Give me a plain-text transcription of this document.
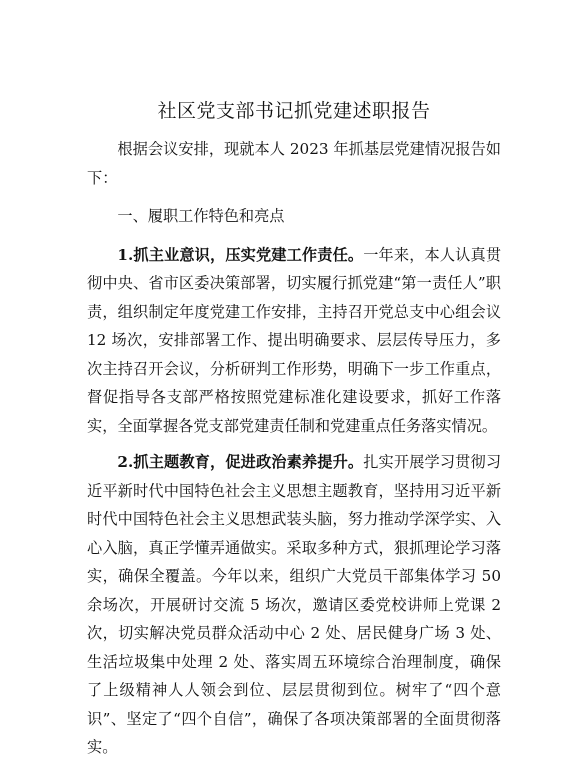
社区党支部书记抓党建述职报告

根据会议安排，现就本人 2023 年抓基层党建情况报告如下：

一、履职工作特色和亮点

1.抓主业意识，压实党建工作责任。一年来，本人认真贯彻中央、省市区委决策部署，切实履行抓党建“第一责任人”职责，组织制定年度党建工作安排，主持召开党总支中心组会议 12 场次，安排部署工作、提出明确要求、层层传导压力，多次主持召开会议，分析研判工作形势，明确下一步工作重点，督促指导各支部严格按照党建标准化建设要求，抓好工作落实，全面掌握各党支部党建责任制和党建重点任务落实情况。

2.抓主题教育，促进政治素养提升。扎实开展学习贯彻习近平新时代中国特色社会主义思想主题教育，坚持用习近平新时代中国特色社会主义思想武装头脑，努力推动学深学实、入心入脑，真正学懂弄通做实。采取多种方式，狠抓理论学习落实，确保全覆盖。今年以来，组织广大党员干部集体学习 50 余场次，开展研讨交流 5 场次，邀请区委党校讲师上党课 2 次，切实解决党员群众活动中心 2 处、居民健身广场 3 处、生活垃圾集中处理 2 处、落实周五环境综合治理制度，确保了上级精神人人领会到位、层层贯彻到位。树牢了“四个意识”、坚定了“四个自信”，确保了各项决策部署的全面贯彻落实。
